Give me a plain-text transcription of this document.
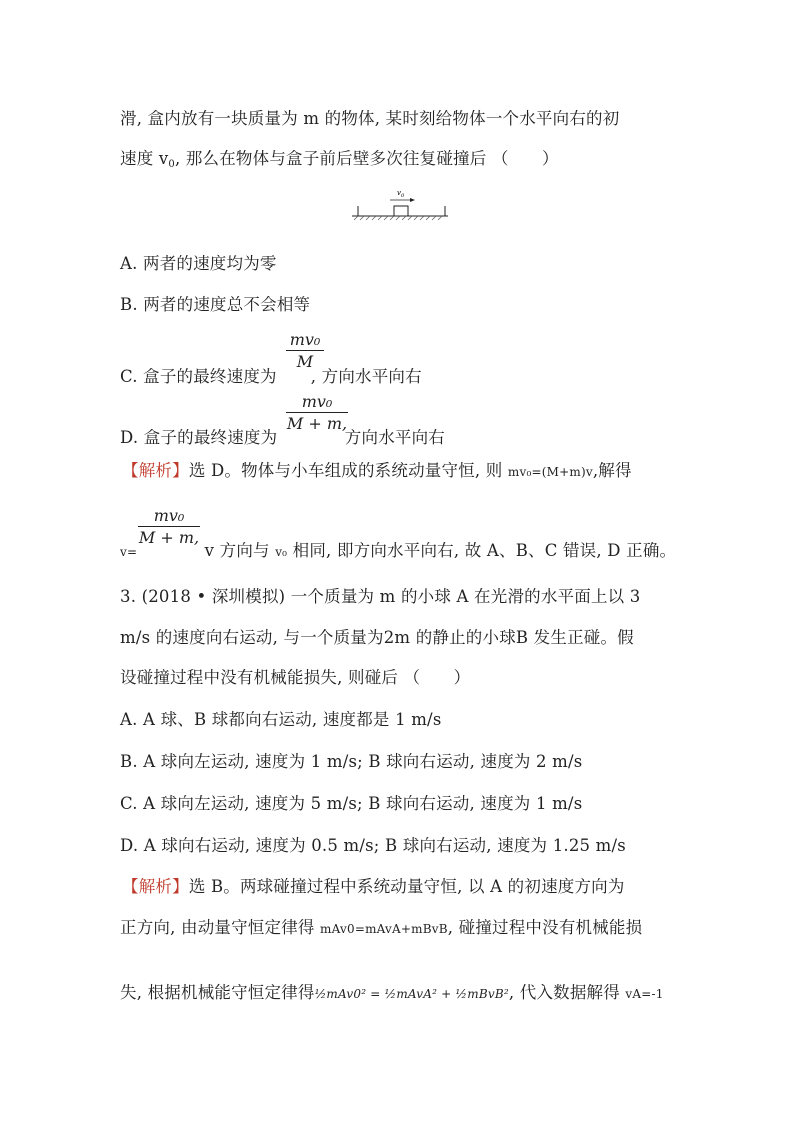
滑, 盒内放有一块质量为 m 的物体, 某时刻给物体一个水平向右的初
速度 $v_0$, 那么在物体与盒子前后壁多次往复碰撞后 （　　）
$v_0$
A. 两者的速度均为零
B. 两者的速度总不会相等
C. 盒子的最终速度为 , 方向水平向右
mv₀
M
D. 盒子的最终速度为	方向水平向右
mv₀
M + m,
【解析】选 D。物体与小车组成的系统动量守恒, 则 mv₀=(M+m)v,解得
mv₀
M + m,
v=	v 方向与 v₀ 相同, 即方向水平向右, 故 A、B、C 错误, D 正确。
3. (2018 • 深圳模拟) 一个质量为 m 的小球 A 在光滑的水平面上以 3
m/s 的速度向右运动, 与一个质量为2m 的静止的小球B 发生正碰。假
设碰撞过程中没有机械能损失, 则碰后 （　　）
A. A 球、B 球都向右运动, 速度都是 1 m/s
B. A 球向左运动, 速度为 1 m/s; B 球向右运动, 速度为 2 m/s
C. A 球向左运动, 速度为 5 m/s; B 球向右运动, 速度为 1 m/s
D. A 球向右运动, 速度为 0.5 m/s; B 球向右运动, 速度为 1.25 m/s
【解析】选 B。两球碰撞过程中系统动量守恒, 以 A 的初速度方向为
正方向, 由动量守恒定律得 mAv0=mAvA+mBvB, 碰撞过程中没有机械能损
失, 根据机械能守恒定律得½mAv0² = ½mAvA² + ½mBvB², 代入数据解得 vA=-1
